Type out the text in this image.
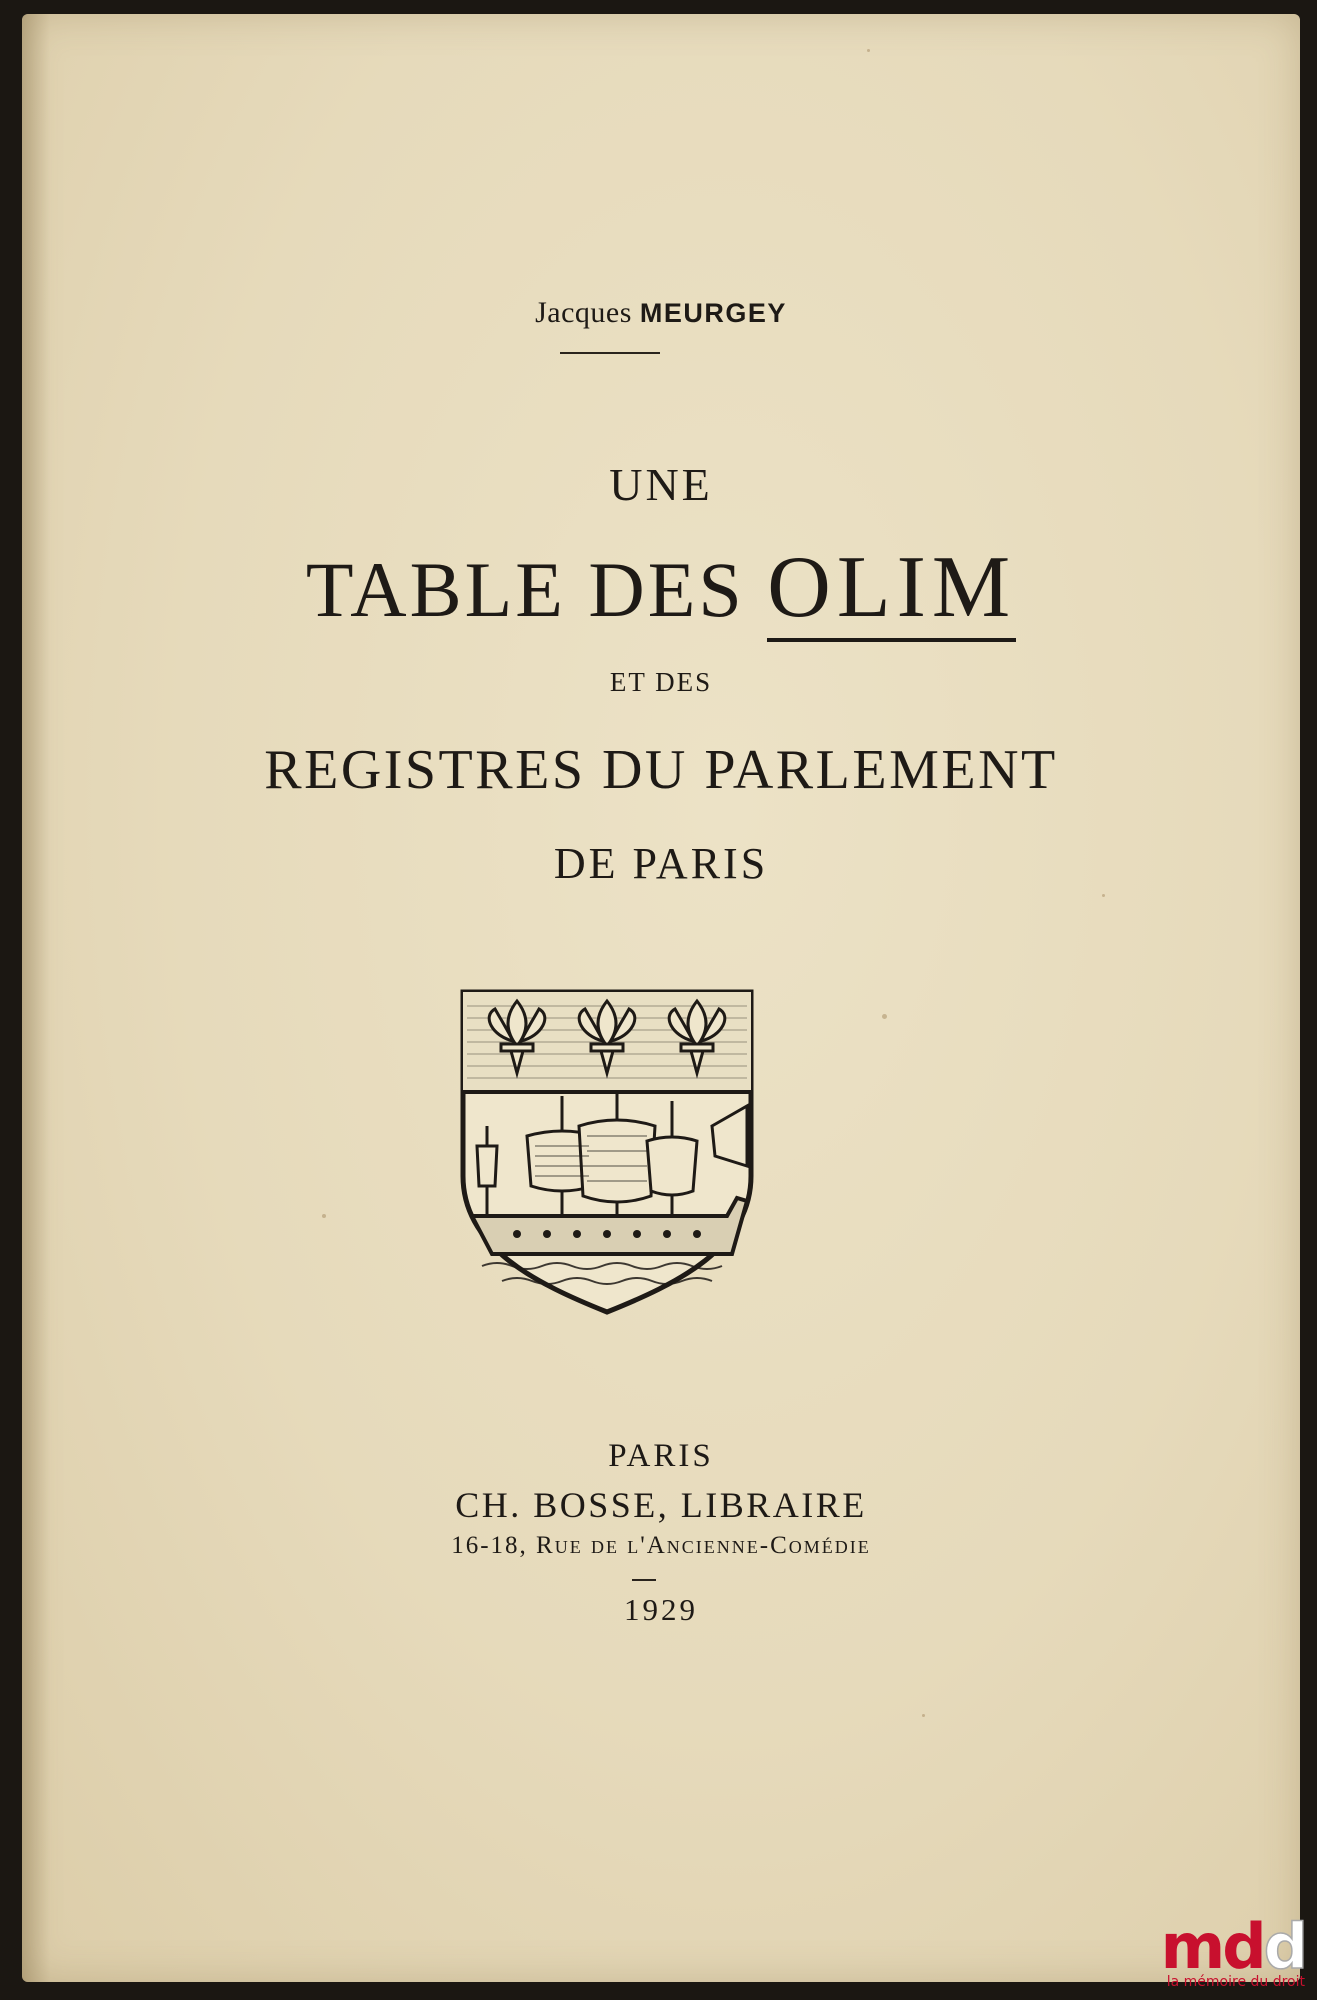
Jacques MEURGEY
UNE
TABLE DES OLIM
ET DES
REGISTRES DU PARLEMENT
DE PARIS
PARIS
CH. BOSSE, LIBRAIRE
16-18, Rue de l'Ancienne-Comédie
1929
mdd
la mémoire du droit
